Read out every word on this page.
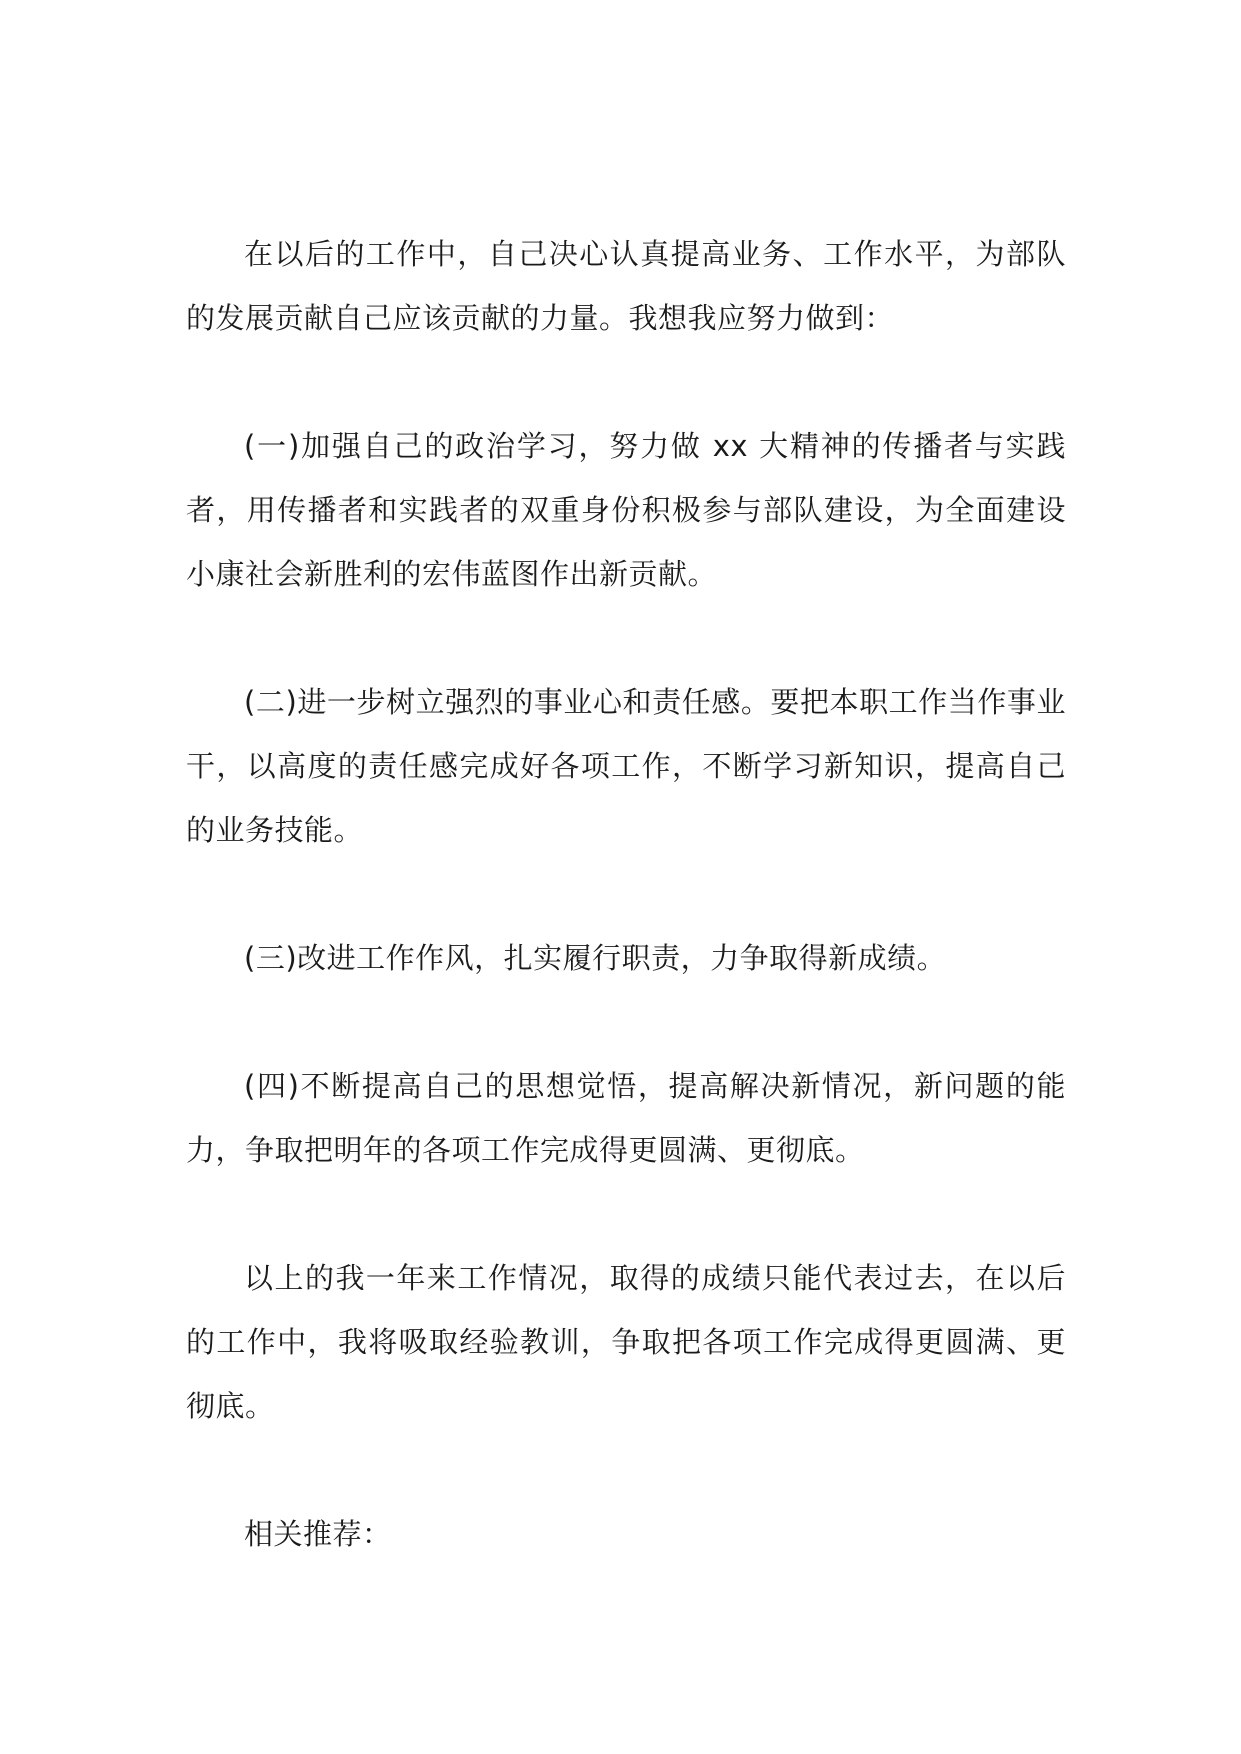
在以后的工作中，自己决心认真提高业务、工作水平，为部队的发展贡献自己应该贡献的力量。我想我应努力做到：

(一)加强自己的政治学习，努力做 xx 大精神的传播者与实践者，用传播者和实践者的双重身份积极参与部队建设，为全面建设小康社会新胜利的宏伟蓝图作出新贡献。

(二)进一步树立强烈的事业心和责任感。要把本职工作当作事业干，以高度的责任感完成好各项工作，不断学习新知识，提高自己的业务技能。

(三)改进工作作风，扎实履行职责，力争取得新成绩。

(四)不断提高自己的思想觉悟，提高解决新情况，新问题的能力，争取把明年的各项工作完成得更圆满、更彻底。

以上的我一年来工作情况，取得的成绩只能代表过去，在以后的工作中，我将吸取经验教训，争取把各项工作完成得更圆满、更彻底。

相关推荐：
